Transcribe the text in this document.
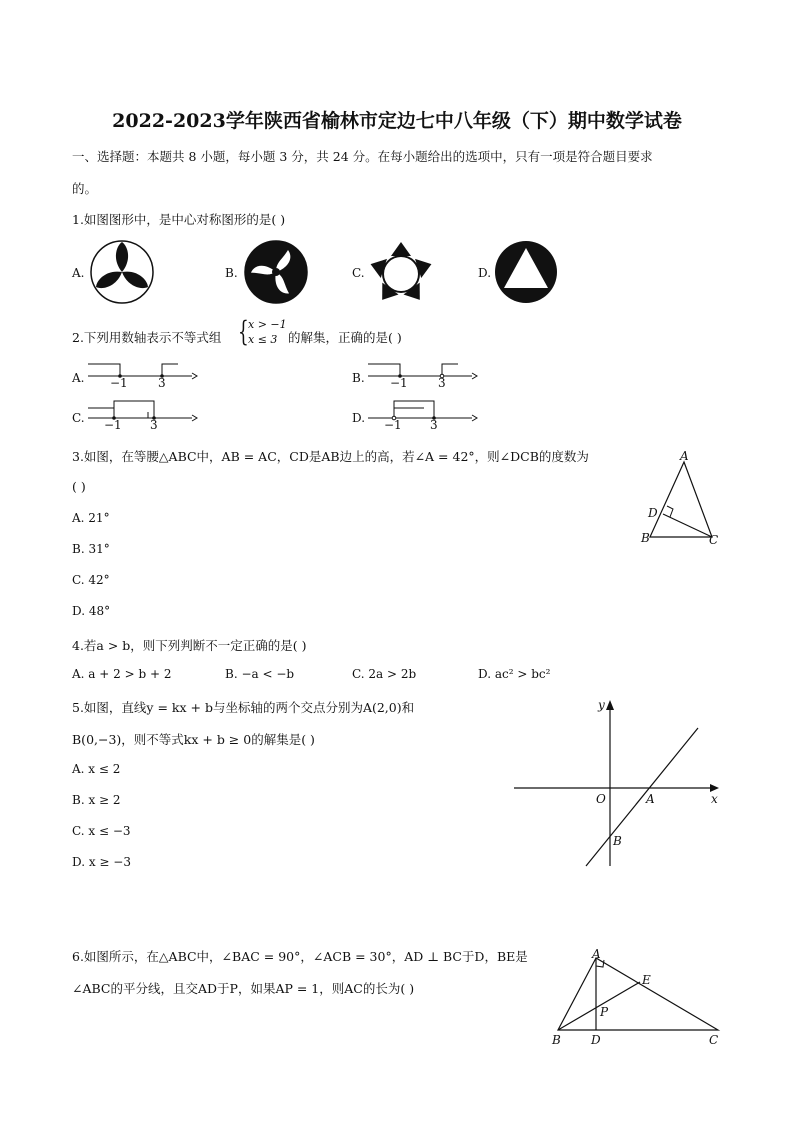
2022-2023学年陕西省榆林市定边七中八年级（下）期中数学试卷
一、选择题：本题共 8 小题，每小题 3 分，共 24 分。在每小题给出的选项中，只有一项是符合题目要求
的。
1.如图图形中，是中心对称图形的是( )
A.	B.	C.	D.
2.下列用数轴表示不等式组 { x > −1
x ≤ 3 的解集，正确的是( )
A. −1	3	B. −1	3
C. −1 3	D. −1 3
3.如图，在等腰△ABC中，AB = AC，CD是AB边上的高，若∠A = 42°，则∠DCB的度数为
( )
A. 21°
B. 31°
C. 42°
D. 48°
A
D
B	C
4.若a > b，则下列判断不一定正确的是( )
A. a + 2 > b + 2	B. −a < −b	C. 2a > 2b	D. ac² > bc²
5.如图，直线y = kx + b与坐标轴的两个交点分别为A(2,0)和
B(0,−3)，则不等式kx + b ≥ 0的解集是( )
A. x ≤ 2
B. x ≥ 2
C. x ≤ −3
D. x ≥ −3
y
x
O	A
B
6.如图所示，在△ABC中，∠BAC = 90°，∠ACB = 30°，AD ⊥ BC于D，BE是
∠ABC的平分线，且交AD于P，如果AP = 1，则AC的长为( )
A
E
P
B	D	C
